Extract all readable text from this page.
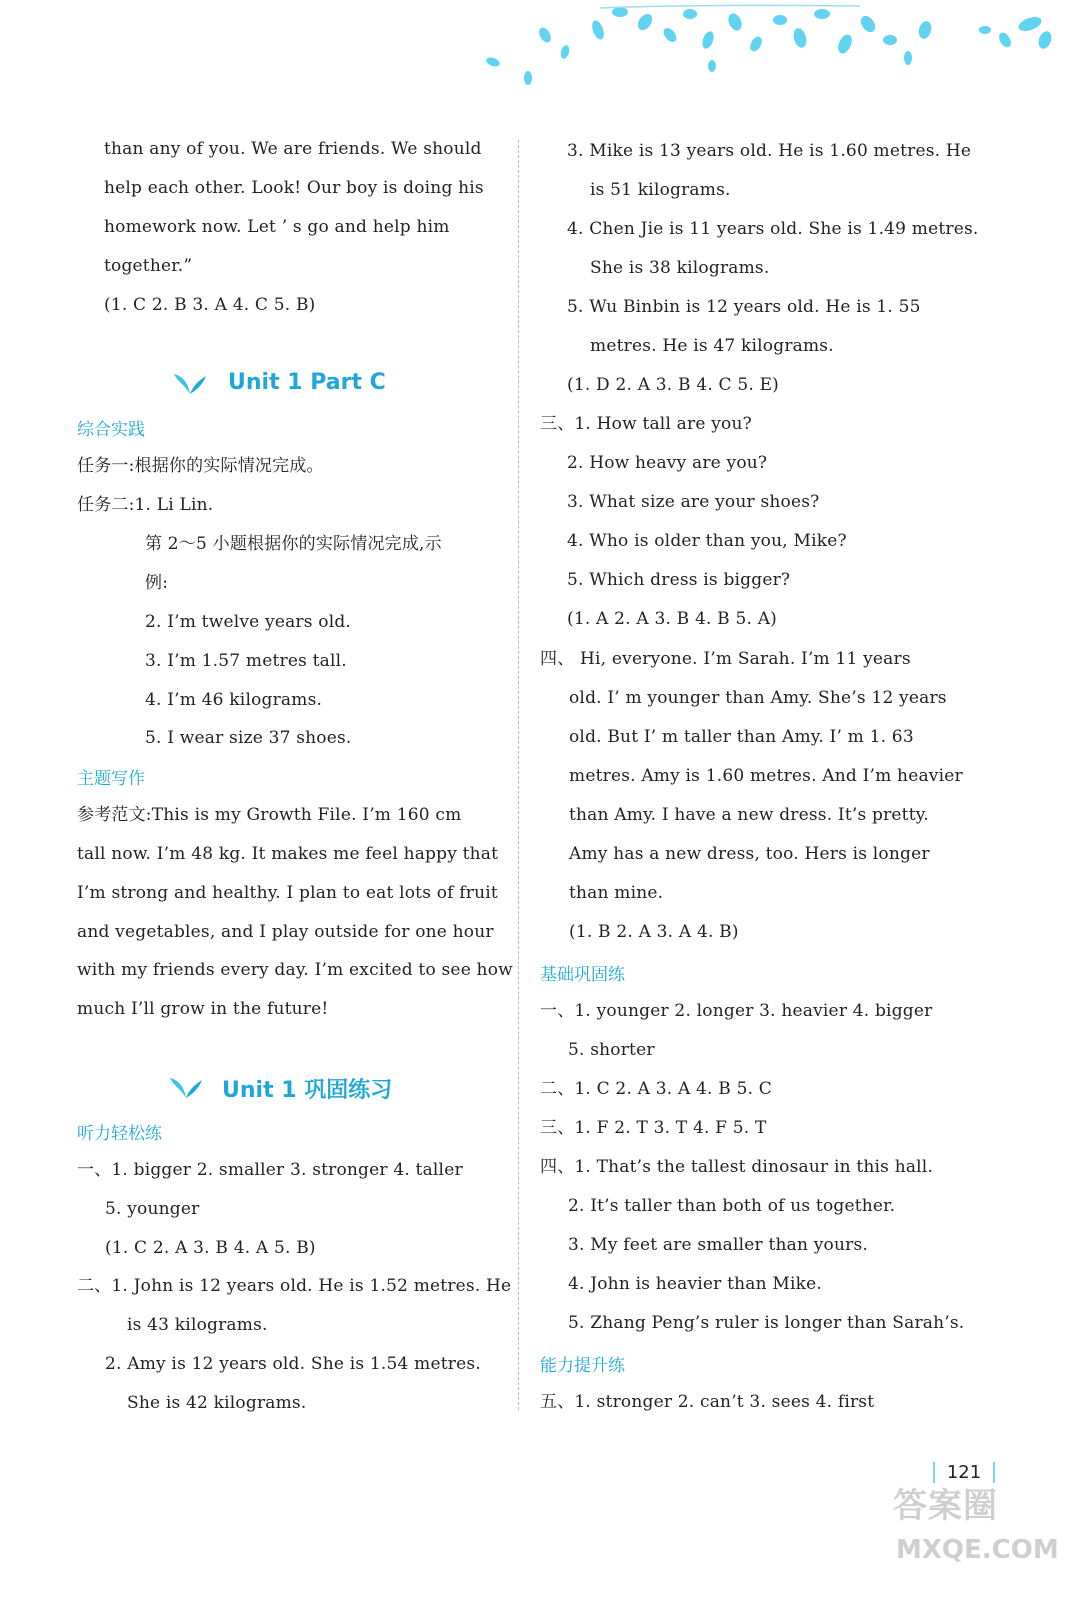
than any of you. We are friends. We should
help each other. Look! Our boy is doing his
homework now. Let ’ s go and help him
together.”
(1. C 2. B 3. A 4. C 5. B)
Unit 1 Part C
综合实践
任务一:根据你的实际情况完成。
任务二:1. Li Lin.
第 2～5 小题根据你的实际情况完成,示
例:
2. I’m twelve years old.
3. I’m 1.57 metres tall.
4. I’m 46 kilograms.
5. I wear size 37 shoes.
主题写作
参考范文:This is my Growth File. I’m 160 cm
tall now. I’m 48 kg. It makes me feel happy that
I’m strong and healthy. I plan to eat lots of fruit
and vegetables, and I play outside for one hour
with my friends every day. I’m excited to see how
much I’ll grow in the future!
Unit 1 巩固练习
听力轻松练
一、1. bigger 2. smaller 3. stronger 4. taller
5. younger
(1. C 2. A 3. B 4. A 5. B)
二、1. John is 12 years old. He is 1.52 metres. He
is 43 kilograms.
2. Amy is 12 years old. She is 1.54 metres.
She is 42 kilograms.
3. Mike is 13 years old. He is 1.60 metres. He
is 51 kilograms.
4. Chen Jie is 11 years old. She is 1.49 metres.
She is 38 kilograms.
5. Wu Binbin is 12 years old. He is 1. 55
metres. He is 47 kilograms.
(1. D 2. A 3. B 4. C 5. E)
三、1. How tall are you?
2. How heavy are you?
3. What size are your shoes?
4. Who is older than you, Mike?
5. Which dress is bigger?
(1. A 2. A 3. B 4. B 5. A)
四、 Hi, everyone. I’m Sarah. I’m 11 years
old. I’ m younger than Amy. She’s 12 years
old. But I’ m taller than Amy. I’ m 1. 63
metres. Amy is 1.60 metres. And I’m heavier
than Amy. I have a new dress. It’s pretty.
Amy has a new dress, too. Hers is longer
than mine.
(1. B 2. A 3. A 4. B)
基础巩固练
一、1. younger 2. longer 3. heavier 4. bigger
5. shorter
二、1. C 2. A 3. A 4. B 5. C
三、1. F 2. T 3. T 4. F 5. T
四、1. That’s the tallest dinosaur in this hall.
2. It’s taller than both of us together.
3. My feet are smaller than yours.
4. John is heavier than Mike.
5. Zhang Peng’s ruler is longer than Sarah’s.
能力提升练
五、1. stronger 2. can’t 3. sees 4. first
121
答案圈
MXQE.COM
